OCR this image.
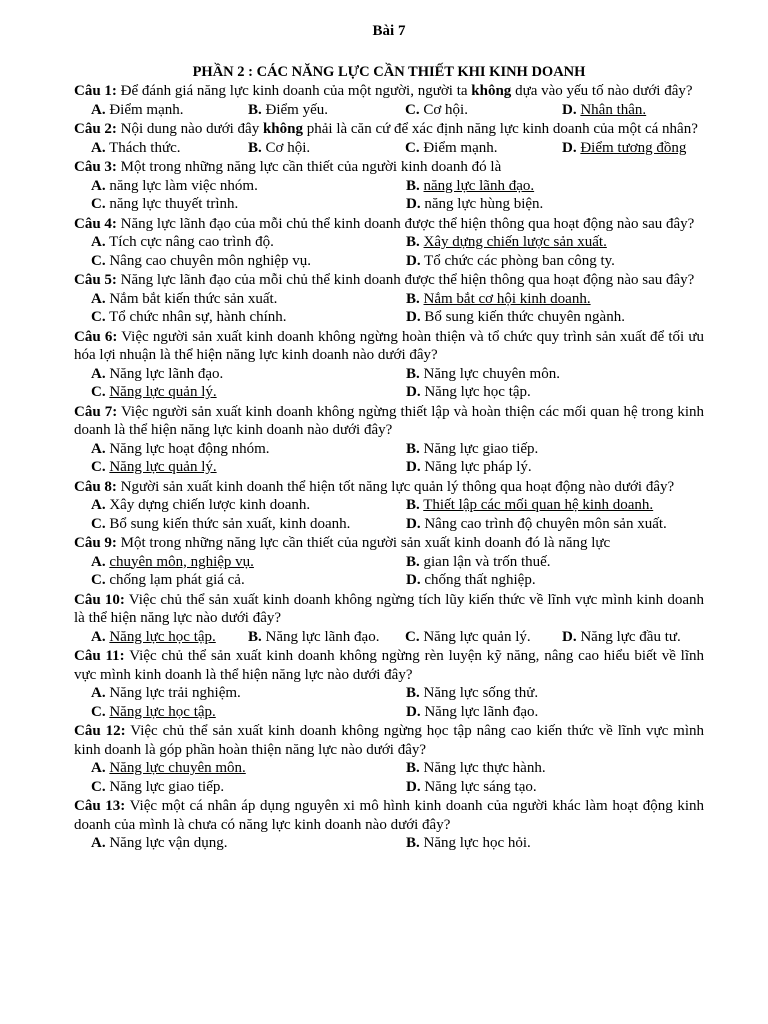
Bài 7
PHẦN 2 : CÁC NĂNG LỰC CẦN THIẾT KHI KINH DOANH
Câu 1: Để đánh giá năng lực kinh doanh của một người, người ta không dựa vào yếu tố nào dưới đây?
A. Điểm mạnh.	B. Điểm yếu.	C. Cơ hội.	D. Nhân thân.
Câu 2: Nội dung nào dưới đây không phải là căn cứ để xác định năng lực kinh doanh của một cá nhân?
A. Thách thức.	B. Cơ hội.	C. Điểm mạnh.	D. Điểm tương đồng
Câu 3: Một trong những năng lực cần thiết của người kinh doanh đó là
A. năng lực làm việc nhóm.	B. năng lực lãnh đạo.
C. năng lực thuyết trình.	D. năng lực hùng biện.
Câu 4: Năng lực lãnh đạo của mỗi chủ thể kinh doanh được thể hiện thông qua hoạt động nào sau đây?
A. Tích cực nâng cao trình độ.	B. Xây dựng chiến lược sản xuất.
C. Nâng cao chuyên môn nghiệp vụ.	D. Tổ chức các phòng ban công ty.
Câu 5: Năng lực lãnh đạo của mỗi chủ thể kinh doanh được thể hiện thông qua hoạt động nào sau đây?
A. Nắm bắt kiến thức sản xuất.	B. Nắm bắt cơ hội kinh doanh.
C. Tổ chức nhân sự, hành chính.	D. Bổ sung kiến thức chuyên ngành.
Câu 6: Việc người sản xuất kinh doanh không ngừng hoàn thiện và tổ chức quy trình sản xuất để tối ưu hóa lợi nhuận là thể hiện năng lực kinh doanh nào dưới đây?
A. Năng lực lãnh đạo.	B. Năng lực chuyên môn.
C. Năng lực quản lý.	D. Năng lực học tập.
Câu 7: Việc người sản xuất kinh doanh không ngừng thiết lập và hoàn thiện các mối quan hệ trong kinh doanh là thể hiện năng lực kinh doanh nào dưới đây?
A. Năng lực hoạt động nhóm.	B. Năng lực giao tiếp.
C. Năng lực quản lý.	D. Năng lực pháp lý.
Câu 8: Người sản xuất kinh doanh thể hiện tốt năng lực quản lý thông qua hoạt động nào dưới đây?
A. Xây dựng chiến lược kinh doanh.	B. Thiết lập các mối quan hệ kinh doanh.
C. Bổ sung kiến thức sản xuất, kinh doanh.	D. Nâng cao trình độ chuyên môn sản xuất.
Câu 9: Một trong những năng lực cần thiết của người sản xuất kinh doanh đó là năng lực
A. chuyên môn, nghiệp vụ.	B. gian lận và trốn thuế.
C. chống lạm phát giá cả.	D. chống thất nghiệp.
Câu 10: Việc chủ thể sản xuất kinh doanh không ngừng tích lũy kiến thức về lĩnh vực mình kinh doanh là thể hiện năng lực nào dưới đây?
A. Năng lực học tập.	B. Năng lực lãnh đạo.	C. Năng lực quản lý.	D. Năng lực đầu tư.
Câu 11: Việc chủ thể sản xuất kinh doanh không ngừng rèn luyện kỹ năng, nâng cao hiểu biết về lĩnh vực mình kinh doanh là thể hiện năng lực nào dưới đây?
A. Năng lực trải nghiệm.	B. Năng lực sống thử.
C. Năng lực học tập.	D. Năng lực lãnh đạo.
Câu 12: Việc chủ thể sản xuất kinh doanh không ngừng học tập nâng cao kiến thức về lĩnh vực mình kinh doanh là góp phần hoàn thiện năng lực nào dưới đây?
A. Năng lực chuyên môn.	B. Năng lực thực hành.
C. Năng lực giao tiếp.	D. Năng lực sáng tạo.
Câu 13: Việc một cá nhân áp dụng nguyên xi mô hình kinh doanh của người khác làm hoạt động kinh doanh của mình là chưa có năng lực kinh doanh nào dưới đây?
A. Năng lực vận dụng.	B. Năng lực học hỏi.
